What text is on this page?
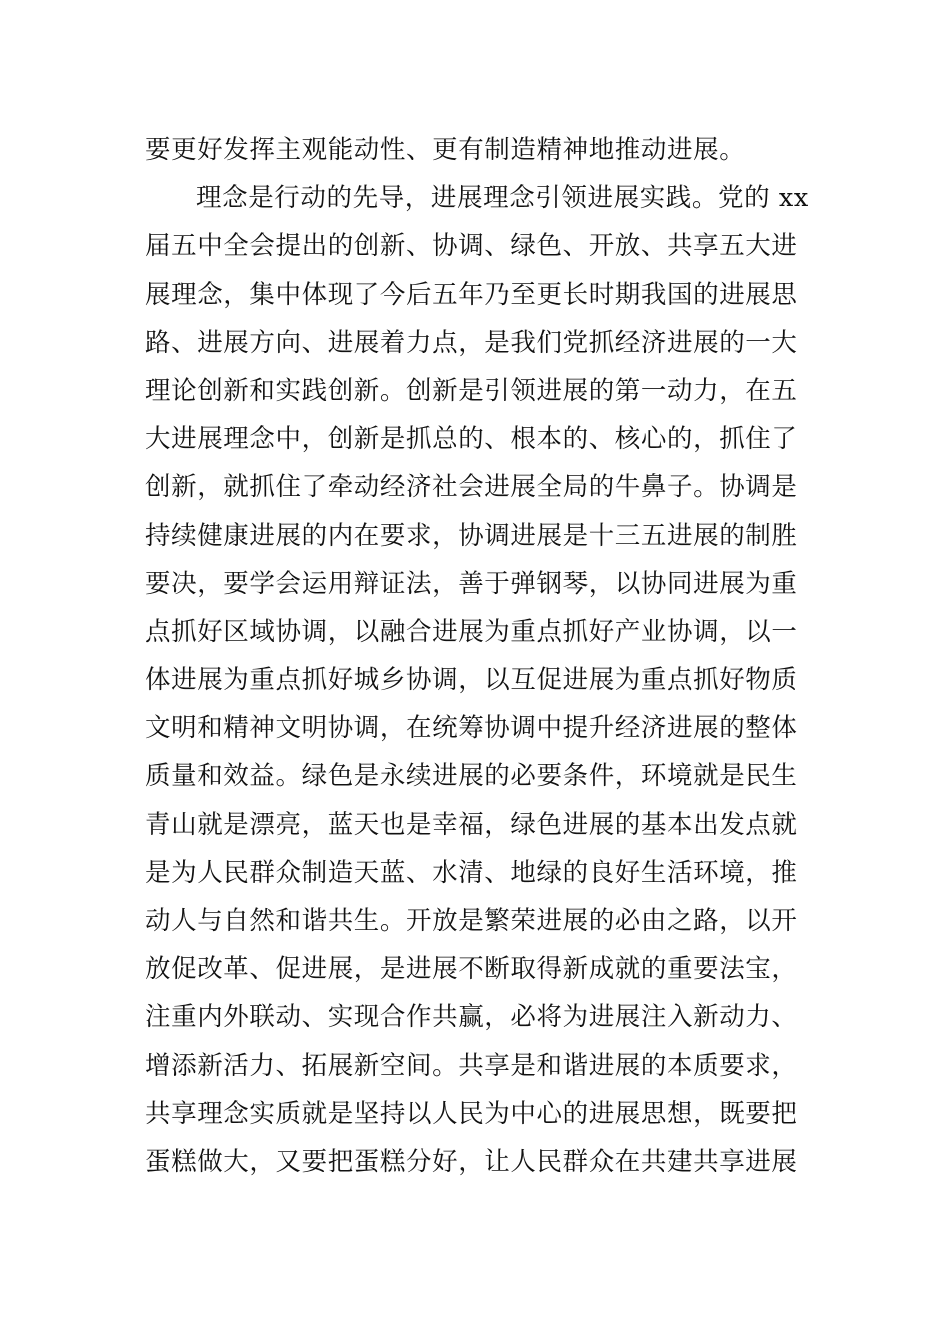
要更好发挥主观能动性、更有制造精神地推动进展。
理念是行动的先导，进展理念引领进展实践。党的 xx
届五中全会提出的创新、协调、绿色、开放、共享五大进
展理念，集中体现了今后五年乃至更长时期我国的进展思
路、进展方向、进展着力点，是我们党抓经济进展的一大
理论创新和实践创新。创新是引领进展的第一动力，在五
大进展理念中，创新是抓总的、根本的、核心的，抓住了
创新，就抓住了牵动经济社会进展全局的牛鼻子。协调是
持续健康进展的内在要求，协调进展是十三五进展的制胜
要决，要学会运用辩证法，善于弹钢琴，以协同进展为重
点抓好区域协调，以融合进展为重点抓好产业协调，以一
体进展为重点抓好城乡协调，以互促进展为重点抓好物质
文明和精神文明协调，在统筹协调中提升经济进展的整体
质量和效益。绿色是永续进展的必要条件，环境就是民生
青山就是漂亮，蓝天也是幸福，绿色进展的基本出发点就
是为人民群众制造天蓝、水清、地绿的良好生活环境，推
动人与自然和谐共生。开放是繁荣进展的必由之路，以开
放促改革、促进展，是进展不断取得新成就的重要法宝，
注重内外联动、实现合作共赢，必将为进展注入新动力、
增添新活力、拓展新空间。共享是和谐进展的本质要求，
共享理念实质就是坚持以人民为中心的进展思想，既要把
蛋糕做大，又要把蛋糕分好，让人民群众在共建共享进展
